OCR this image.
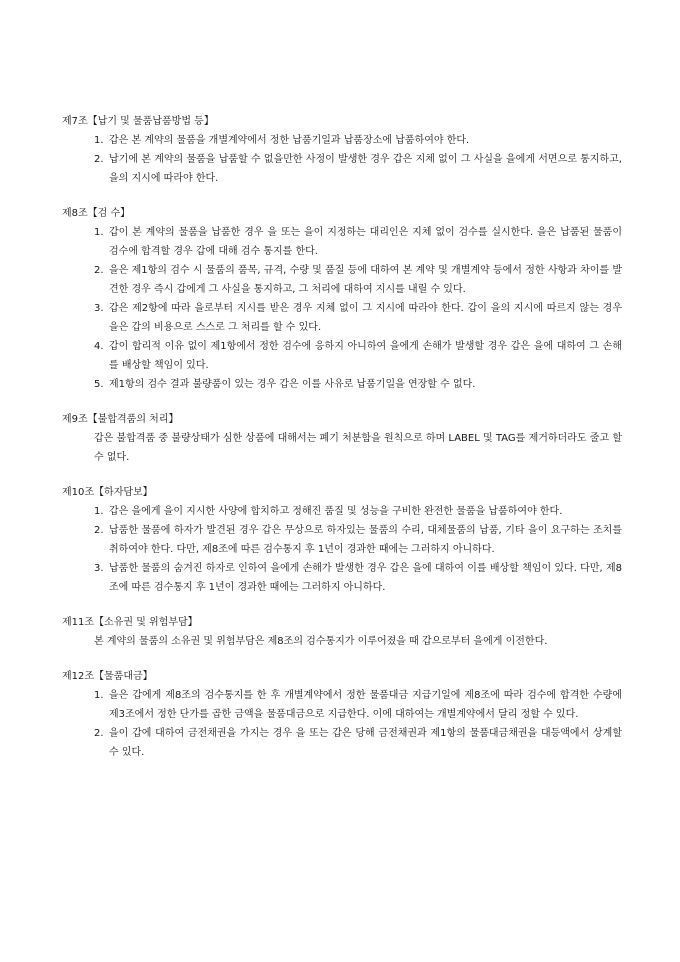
제7조【납기 및 물품납품방법 등】
1. 갑은 본 계약의 물품을 개별계약에서 정한 납품기일과 납품장소에 납품하여야 한다.
2. 납기에 본 계약의 물품을 납품할 수 없을만한 사정이 발생한 경우 갑은 지체 없이 그 사실을 을에게 서면으로 통지하고, 을의 지시에 따라야 한다.
제8조【검 수】
1. 갑이 본 계약의 물품을 납품한 경우 을 또는 을이 지정하는 대리인은 지체 없이 검수를 실시한다. 을은 납품된 물품이 검수에 합격할 경우 갑에 대해 검수 통지를 한다.
2. 을은 제1항의 검수 시 물품의 품목, 규격, 수량 및 품질 등에 대하여 본 계약 및 개별계약 등에서 정한 사항과 차이를 발견한 경우 즉시 갑에게 그 사실을 통지하고, 그 처리에 대하여 지시를 내릴 수 있다.
3. 갑은 제2항에 따라 을로부터 지시를 받은 경우 지체 없이 그 지시에 따라야 한다. 갑이 을의 지시에 따르지 않는 경우 을은 갑의 비용으로 스스로 그 처리를 할 수 있다.
4. 갑이 합리적 이유 없이 제1항에서 정한 검수에 응하지 아니하여 을에게 손해가 발생할 경우 갑은 을에 대하여 그 손해를 배상할 책임이 있다.
5. 제1항의 검수 결과 불량품이 있는 경우 갑은 이를 사유로 납품기일을 연장할 수 없다.
제9조【불합격품의 처리】

갑은 불합격품 중 불량상태가 심한 상품에 대해서는 폐기 처분함을 원칙으로 하며 LABEL 및 TAG를 제거하더라도 줄고 할 수 없다.

제10조【하자담보】
1. 갑은 을에게 을이 지시한 사양에 합치하고 정해진 품질 및 성능을 구비한 완전한 물품을 납품하여야 한다.
2. 납품한 물품에 하자가 발견된 경우 갑은 무상으로 하자있는 물품의 수리, 대체물품의 납품, 기타 을이 요구하는 조치를 취하여야 한다. 다만, 제8조에 따른 검수통지 후 1년이 경과한 때에는 그러하지 아니하다.
3. 납품한 물품의 숨겨진 하자로 인하여 을에게 손해가 발생한 경우 갑은 을에 대하여 이를 배상할 책임이 있다. 다만, 제8조에 따른 검수통지 후 1년이 경과한 때에는 그러하지 아니하다.
제11조【소유권 및 위험부담】

본 계약의 물품의 소유권 및 위험부담은 제8조의 검수통지가 이루어졌을 때 갑으로부터 을에게 이전한다.

제12조【물품대금】
1. 을은 갑에게 제8조의 검수통지를 한 후 개별계약에서 정한 물품대금 지급기일에 제8조에 따라 검수에 합격한 수량에 제3조에서 정한 단가를 곱한 금액을 물품대금으로 지급한다. 이에 대하여는 개별계약에서 달리 정할 수 있다.
2. 을이 갑에 대하여 금전채권을 가지는 경우 을 또는 갑은 당해 금전채권과 제1항의 물품대금채권을 대등액에서 상계할 수 있다.
